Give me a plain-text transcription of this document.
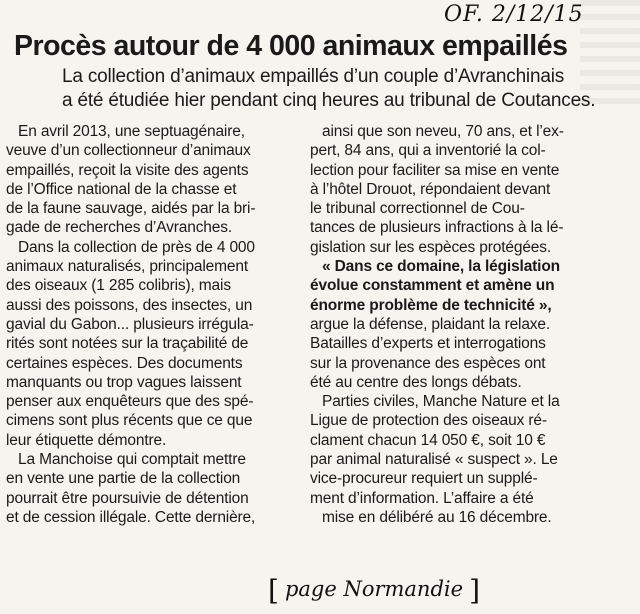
OF. 2/12/15
Procès autour de 4 000 animaux empaillés
La collection d’animaux empaillés d’un couple d’Avranchinais
a été étudiée hier pendant cinq heures au tribunal de Coutances.
En avril 2013, une septuagénaire,
veuve d’un collectionneur d’animaux
empaillés, reçoit la visite des agents
de l’Office national de la chasse et
de la faune sauvage, aidés par la bri-
gade de recherches d’Avranches.
Dans la collection de près de 4 000
animaux naturalisés, principalement
des oiseaux (1 285 colibris), mais
aussi des poissons, des insectes, un
gavial du Gabon... plusieurs irrégula-
rités sont notées sur la traçabilité de
certaines espèces. Des documents
manquants ou trop vagues laissent
penser aux enquêteurs que des spé-
cimens sont plus récents que ce que
leur étiquette démontre.
La Manchoise qui comptait mettre
en vente une partie de la collection
pourrait être poursuivie de détention
et de cession illégale. Cette dernière,
ainsi que son neveu, 70 ans, et l’ex-
pert, 84 ans, qui a inventorié la col-
lection pour faciliter sa mise en vente
à l’hôtel Drouot, répondaient devant
le tribunal correctionnel de Cou-
tances de plusieurs infractions à la lé-
gislation sur les espèces protégées.
« Dans ce domaine, la législation
évolue constamment et amène un
énorme problème de technicité »,
argue la défense, plaidant la relaxe.
Batailles d’experts et interrogations
sur la provenance des espèces ont
été au centre des longs débats.
Parties civiles, Manche Nature et la
Ligue de protection des oiseaux ré-
clament chacun 14 050 €, soit 10 €
par animal naturalisé « suspect ». Le
vice-procureur requiert un supplé-
ment d’information. L’affaire a été
mise en délibéré au 16 décembre.
[ page Normandie ]
